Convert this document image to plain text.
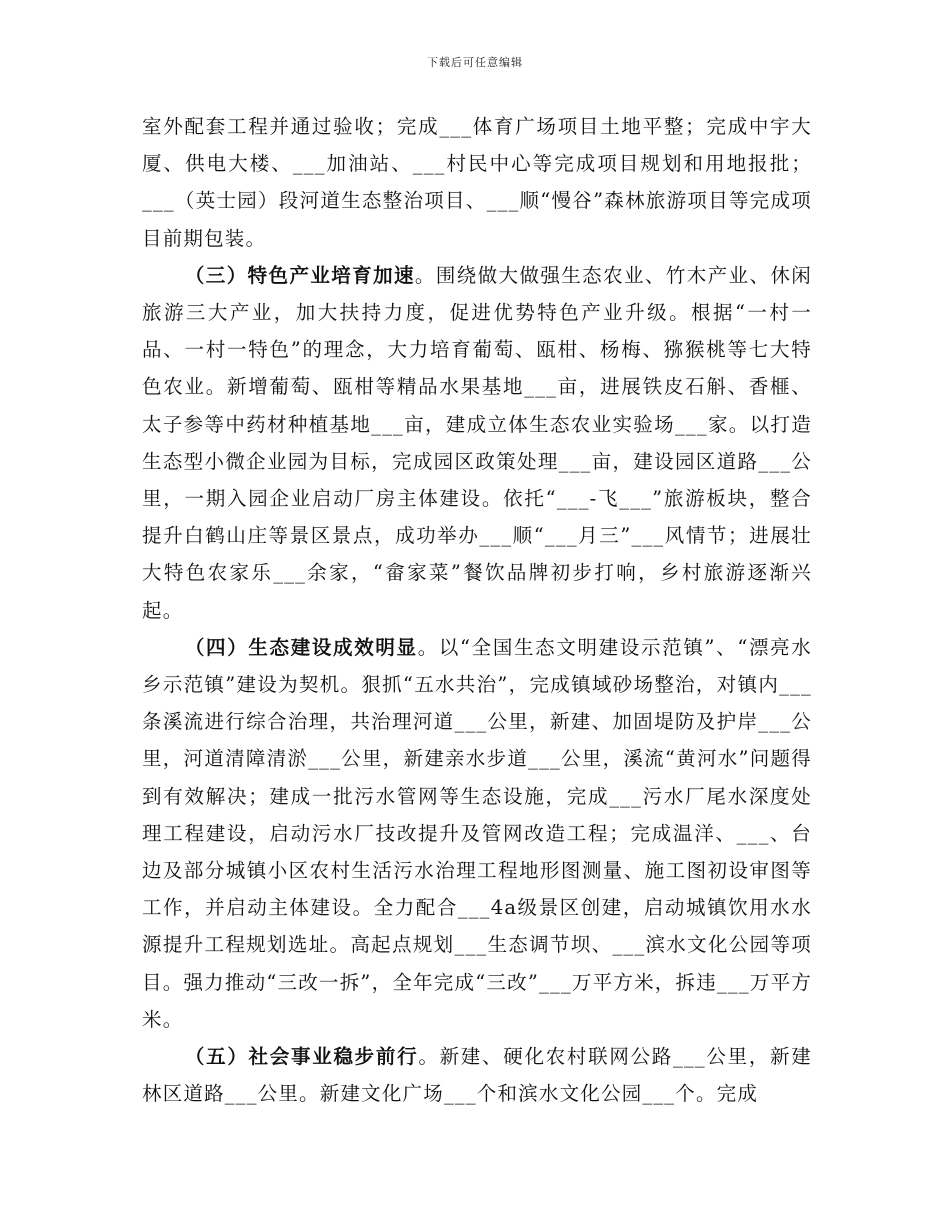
下载后可任意编辑

室外配套工程并通过验收；完成___体育广场项目土地平整；完成中宇大厦、供电大楼、___加油站、___村民中心等完成项目规划和用地报批；___（英士园）段河道生态整治项目、___顺“慢谷”森林旅游项目等完成项目前期包装。

（三）特色产业培育加速。围绕做大做强生态农业、竹木产业、休闲旅游三大产业，加大扶持力度，促进优势特色产业升级。根据“一村一品、一村一特色”的理念，大力培育葡萄、瓯柑、杨梅、猕猴桃等七大特色农业。新增葡萄、瓯柑等精品水果基地___亩，进展铁皮石斛、香榧、太子参等中药材种植基地___亩，建成立体生态农业实验场___家。以打造生态型小微企业园为目标，完成园区政策处理___亩，建设园区道路___公里，一期入园企业启动厂房主体建设。依托“___-飞___”旅游板块，整合提升白鹤山庄等景区景点，成功举办___顺“___月三”___风情节；进展壮大特色农家乐___余家，“畲家菜”餐饮品牌初步打响，乡村旅游逐渐兴起。

（四）生态建设成效明显。以“全国生态文明建设示范镇”、“漂亮水乡示范镇”建设为契机。狠抓“五水共治”，完成镇域砂场整治，对镇内___条溪流进行综合治理，共治理河道___公里，新建、加固堤防及护岸___公里，河道清障清淤___公里，新建亲水步道___公里，溪流“黄河水”问题得到有效解决；建成一批污水管网等生态设施，完成___污水厂尾水深度处理工程建设，启动污水厂技改提升及管网改造工程；完成温洋、___、台边及部分城镇小区农村生活污水治理工程地形图测量、施工图初设审图等工作，并启动主体建设。全力配合___4a级景区创建，启动城镇饮用水水源提升工程规划选址。高起点规划___生态调节坝、___滨水文化公园等项目。强力推动“三改一拆”，全年完成“三改”___万平方米，拆违___万平方米。

（五）社会事业稳步前行。新建、硬化农村联网公路___公里，新建林区道路___公里。新建文化广场___个和滨水文化公园___个。完成
